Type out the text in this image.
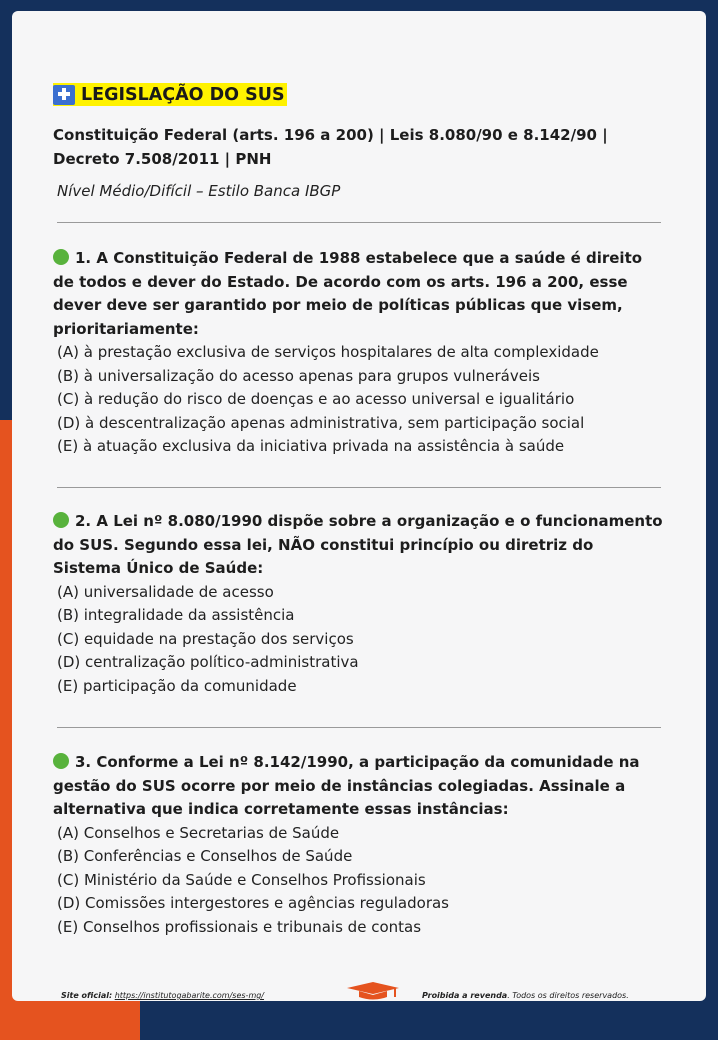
LEGISLAÇÃO DO SUS
Constituição Federal (arts. 196 a 200) | Leis 8.080/90 e 8.142/90 | Decreto 7.508/2011 | PNH
Nível Médio/Difícil – Estilo Banca IBGP

1. A Constituição Federal de 1988 estabelece que a saúde é direito de todos e dever do Estado. De acordo com os arts. 196 a 200, esse dever deve ser garantido por meio de políticas públicas que visem, prioritariamente:

(A) à prestação exclusiva de serviços hospitalares de alta complexidade
(B) à universalização do acesso apenas para grupos vulneráveis
(C) à redução do risco de doenças e ao acesso universal e igualitário
(D) à descentralização apenas administrativa, sem participação social
(E) à atuação exclusiva da iniciativa privada na assistência à saúde

2. A Lei nº 8.080/1990 dispõe sobre a organização e o funcionamento do SUS. Segundo essa lei, NÃO constitui princípio ou diretriz do Sistema Único de Saúde:

(A) universalidade de acesso
(B) integralidade da assistência
(C) equidade na prestação dos serviços
(D) centralização político-administrativa
(E) participação da comunidade

3. Conforme a Lei nº 8.142/1990, a participação da comunidade na gestão do SUS ocorre por meio de instâncias colegiadas. Assinale a alternativa que indica corretamente essas instâncias:

(A) Conselhos e Secretarias de Saúde
(B) Conferências e Conselhos de Saúde
(C) Ministério da Saúde e Conselhos Profissionais
(D) Comissões intergestores e agências reguladoras
(E) Conselhos profissionais e tribunais de contas
Site oficial: https://institutogabarite.com/ses-mg/	Proibida a revenda. Todos os direitos reservados.
